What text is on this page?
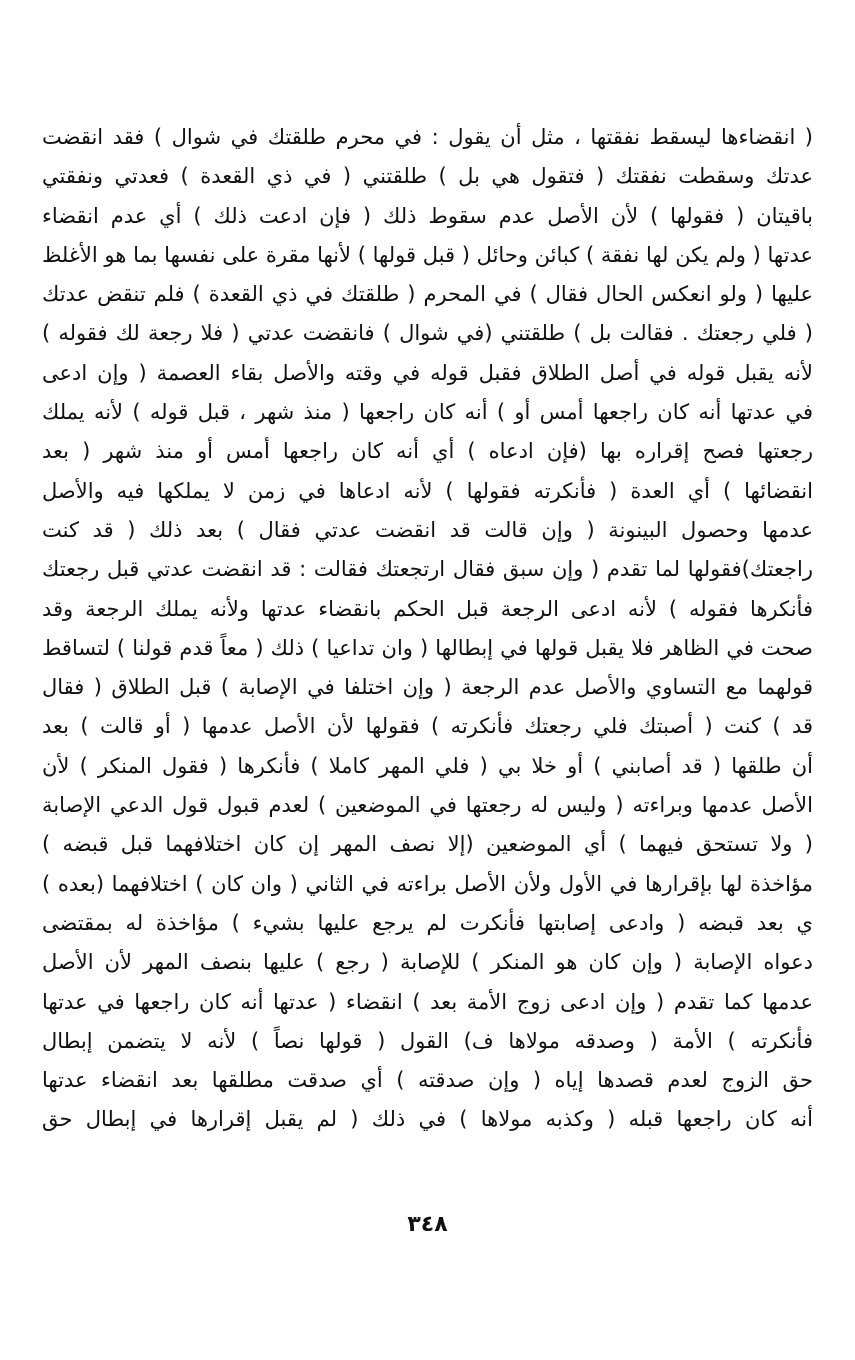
( انقضاءها ليسقط نفقتها ، مثل أن يقول : في محرم طلقتك في شوال ) فقد انقضت
عدتك وسقطت نفقتك ( فتقول هي بل ) طلقتني ( في ذي القعدة ) فعدتي ونفقتي
باقيتان ( فقولها ) لأن الأصل عدم سقوط ذلك ( فإن ادعت ذلك ) أي عدم انقضاء
عدتها ( ولم يكن لها نفقة ) كبائن وحائل ( قبل قولها ) لأنها مقرة على نفسها بما هو الأغلظ
عليها ( ولو انعكس الحال فقال ) في المحرم ( طلقتك في ذي القعدة ) فلم تنقض عدتك
( فلي رجعتك . فقالت بل ) طلقتني (في شوال ) فانقضت عدتي ( فلا رجعة لك فقوله )
لأنه يقبل قوله في أصل الطلاق فقبل قوله في وقته والأصل بقاء العصمة ( وإن ادعى
في عدتها أنه كان راجعها أمس أو ) أنه كان راجعها ( منذ شهر ، قبل قوله ) لأنه يملك
رجعتها فصح إقراره بها (فإن ادعاه ) أي أنه كان راجعها أمس أو منذ شهر ( بعد
انقضائها ) أي العدة ( فأنكرته فقولها ) لأنه ادعاها في زمن لا يملكها فيه والأصل
عدمها وحصول البينونة ( وإن قالت قد انقضت عدتي فقال ) بعد ذلك ( قد كنت
راجعتك)فقولها لما تقدم ( وإن سبق فقال ارتجعتك فقالت : قد انقضت عدتي قبل رجعتك
فأنكرها فقوله ) لأنه ادعى الرجعة قبل الحكم بانقضاء عدتها ولأنه يملك الرجعة وقد
صحت في الظاهر فلا يقبل قولها في إبطالها ( وان تداعيا ) ذلك ( معاً قدم قولنا ) لتساقط
قولهما مع التساوي والأصل عدم الرجعة ( وإن اختلفا في الإصابة ) قبل الطلاق ( فقال
قد ) كنت ( أصبتك فلي رجعتك فأنكرته ) فقولها لأن الأصل عدمها ( أو قالت ) بعد
أن طلقها ( قد أصابني ) أو خلا بي ( فلي المهر كاملا ) فأنكرها ( فقول المنكر ) لأن
الأصل عدمها وبراءته ( وليس له رجعتها في الموضعين ) لعدم قبول قول الدعي الإصابة
( ولا تستحق فيهما ) أي الموضعين (إلا نصف المهر إن كان اختلافهما قبل قبضه )
مؤاخذة لها بإقرارها في الأول ولأن الأصل براءته في الثاني ( وان كان ) اختلافهما (بعده )
ي بعد قبضه ( وادعى إصابتها فأنكرت لم يرجع عليها بشيء ) مؤاخذة له بمقتضى
دعواه الإصابة ( وإن كان هو المنكر ) للإصابة ( رجع ) عليها بنصف المهر لأن الأصل
عدمها كما تقدم ( وإن ادعى زوج الأمة بعد ) انقضاء ( عدتها أنه كان راجعها في عدتها
فأنكرته ) الأمة ( وصدقه مولاها ف) القول ( قولها نصاً ) لأنه لا يتضمن إبطال
حق الزوج لعدم قصدها إياه ( وإن صدقته ) أي صدقت مطلقها بعد انقضاء عدتها
أنه كان راجعها قبله ( وكذبه مولاها ) في ذلك ( لم يقبل إقرارها في إبطال حق
٣٤٨
